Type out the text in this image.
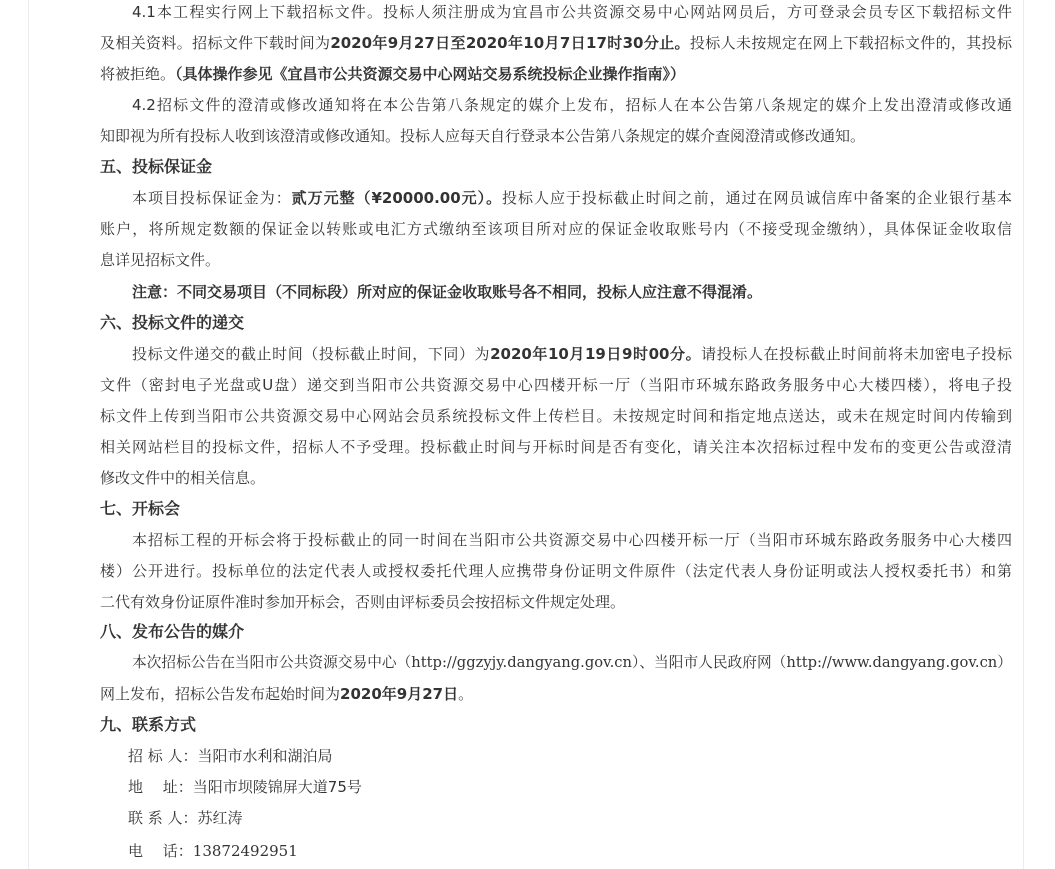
4.1本工程实行网上下载招标文件。投标人须注册成为宜昌市公共资源交易中心网站网员后，方可登录会员专区下载招标文件
及相关资料。招标文件下载时间为2020年9月27日至2020年10月7日17时30分止。投标人未按规定在网上下载招标文件的，其投标
将被拒绝。（具体操作参见《宜昌市公共资源交易中心网站交易系统投标企业操作指南》）
4.2招标文件的澄清或修改通知将在本公告第八条规定的媒介上发布，招标人在本公告第八条规定的媒介上发出澄清或修改通
知即视为所有投标人收到该澄清或修改通知。投标人应每天自行登录本公告第八条规定的媒介查阅澄清或修改通知。
五、投标保证金
本项目投标保证金为：贰万元整（¥20000.00元）。投标人应于投标截止时间之前，通过在网员诚信库中备案的企业银行基本
账户，将所规定数额的保证金以转账或电汇方式缴纳至该项目所对应的保证金收取账号内（不接受现金缴纳），具体保证金收取信
息详见招标文件。
注意：不同交易项目（不同标段）所对应的保证金收取账号各不相同，投标人应注意不得混淆。
六、投标文件的递交
投标文件递交的截止时间（投标截止时间，下同）为2020年10月19日9时00分。请投标人在投标截止时间前将未加密电子投标
文件（密封电子光盘或U盘）递交到当阳市公共资源交易中心四楼开标一厅（当阳市环城东路政务服务中心大楼四楼），将电子投
标文件上传到当阳市公共资源交易中心网站会员系统投标文件上传栏目。未按规定时间和指定地点送达，或未在规定时间内传输到
相关网站栏目的投标文件，招标人不予受理。投标截止时间与开标时间是否有变化，请关注本次招标过程中发布的变更公告或澄清
修改文件中的相关信息。
七、开标会
本招标工程的开标会将于投标截止的同一时间在当阳市公共资源交易中心四楼开标一厅（当阳市环城东路政务服务中心大楼四
楼）公开进行。投标单位的法定代表人或授权委托代理人应携带身份证明文件原件（法定代表人身份证明或法人授权委托书）和第
二代有效身份证原件准时参加开标会，否则由评标委员会按招标文件规定处理。
八、发布公告的媒介
本次招标公告在当阳市公共资源交易中心（http://ggzyjy.dangyang.gov.cn）、当阳市人民政府网（http://www.dangyang.gov.cn）
网上发布，招标公告发布起始时间为2020年9月27日。
九、联系方式
招 标 人：当阳市水利和湖泊局
地　 址：当阳市坝陵锦屏大道75号
联 系 人：苏红涛
电　 话：13872492951
